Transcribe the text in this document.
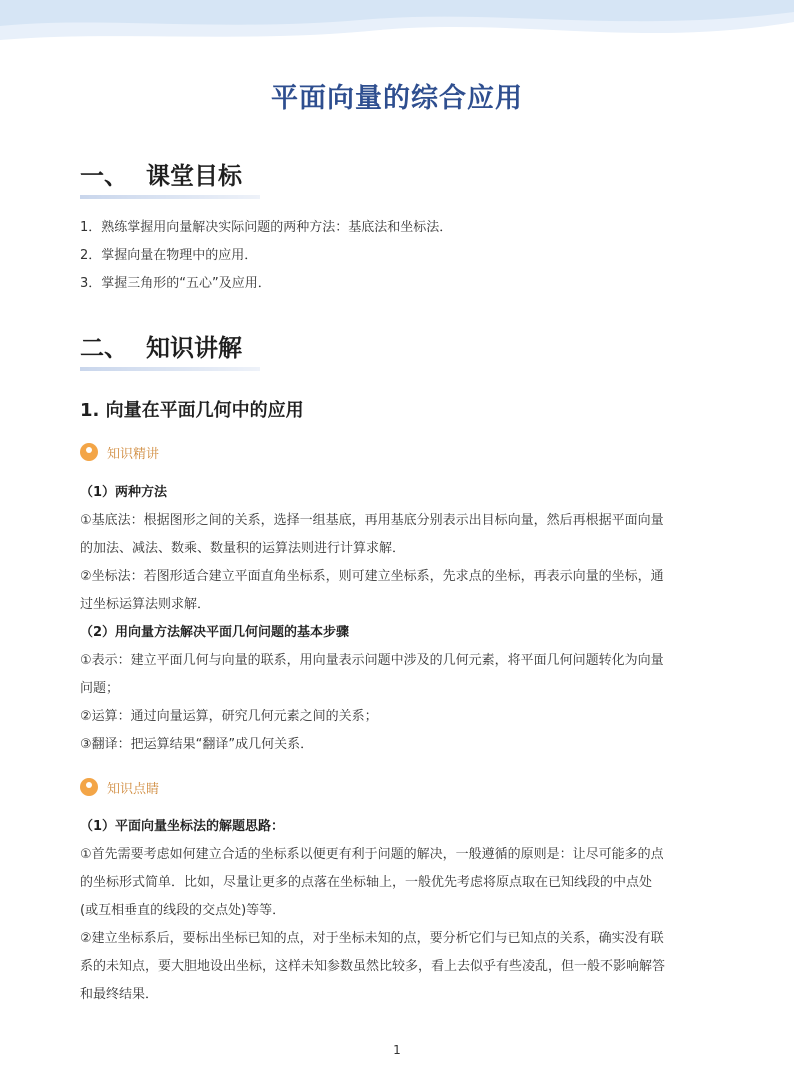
平面向量的综合应用
一、 课堂目标
1．熟练掌握用向量解决实际问题的两种方法：基底法和坐标法．
2．掌握向量在物理中的应用．
3．掌握三角形的“五心”及应用．
二、 知识讲解
1. 向量在平面几何中的应用
知识精讲
（1）两种方法
①基底法：根据图形之间的关系，选择一组基底，再用基底分别表示出目标向量，然后再根据平面向量
的加法、减法、数乘、数量积的运算法则进行计算求解．
②坐标法：若图形适合建立平面直角坐标系，则可建立坐标系，先求点的坐标，再表示向量的坐标，通
过坐标运算法则求解．
（2）用向量方法解决平面几何问题的基本步骤
①表示：建立平面几何与向量的联系，用向量表示问题中涉及的几何元素，将平面几何问题转化为向量
问题；
②运算：通过向量运算，研究几何元素之间的关系；
③翻译：把运算结果“翻译”成几何关系．
知识点睛
（1）平面向量坐标法的解题思路：
①首先需要考虑如何建立合适的坐标系以便更有利于问题的解决，一般遵循的原则是：让尽可能多的点
的坐标形式简单．比如，尽量让更多的点落在坐标轴上，一般优先考虑将原点取在已知线段的中点处
(或互相垂直的线段的交点处)等等．
②建立坐标系后，要标出坐标已知的点，对于坐标未知的点，要分析它们与已知点的关系，确实没有联
系的未知点，要大胆地设出坐标，这样未知参数虽然比较多，看上去似乎有些凌乱，但一般不影响解答
和最终结果．
1
